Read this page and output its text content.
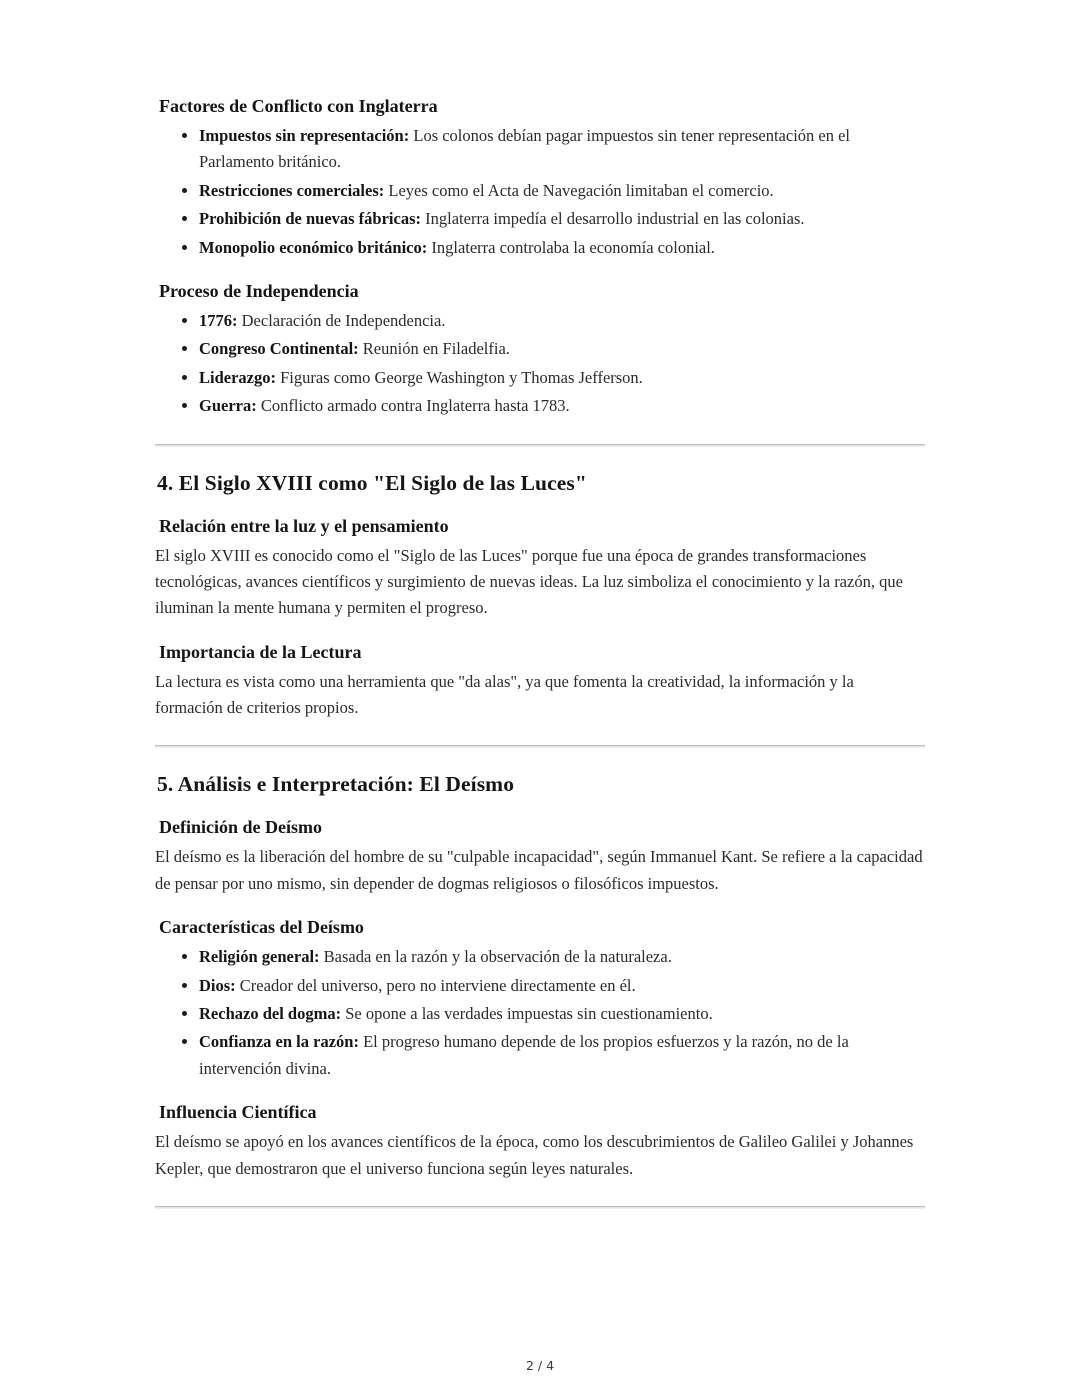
Factores de Conflicto con Inglaterra
• Impuestos sin representación: Los colonos debían pagar impuestos sin tener representación en el Parlamento británico.
• Restricciones comerciales: Leyes como el Acta de Navegación limitaban el comercio.
• Prohibición de nuevas fábricas: Inglaterra impedía el desarrollo industrial en las colonias.
• Monopolio económico británico: Inglaterra controlaba la economía colonial.
Proceso de Independencia
• 1776: Declaración de Independencia.
• Congreso Continental: Reunión en Filadelfia.
• Liderazgo: Figuras como George Washington y Thomas Jefferson.
• Guerra: Conflicto armado contra Inglaterra hasta 1783.
4. El Siglo XVIII como "El Siglo de las Luces"
Relación entre la luz y el pensamiento

El siglo XVIII es conocido como el "Siglo de las Luces" porque fue una época de grandes transformaciones tecnológicas, avances científicos y surgimiento de nuevas ideas. La luz simboliza el conocimiento y la razón, que iluminan la mente humana y permiten el progreso.

Importancia de la Lectura

La lectura es vista como una herramienta que "da alas", ya que fomenta la creatividad, la información y la formación de criterios propios.

5. Análisis e Interpretación: El Deísmo
Definición de Deísmo

El deísmo es la liberación del hombre de su "culpable incapacidad", según Immanuel Kant. Se refiere a la capacidad de pensar por uno mismo, sin depender de dogmas religiosos o filosóficos impuestos.

Características del Deísmo
• Religión general: Basada en la razón y la observación de la naturaleza.
• Dios: Creador del universo, pero no interviene directamente en él.
• Rechazo del dogma: Se opone a las verdades impuestas sin cuestionamiento.
• Confianza en la razón: El progreso humano depende de los propios esfuerzos y la razón, no de la intervención divina.
Influencia Científica

El deísmo se apoyó en los avances científicos de la época, como los descubrimientos de Galileo Galilei y Johannes Kepler, que demostraron que el universo funciona según leyes naturales.

2 / 4
